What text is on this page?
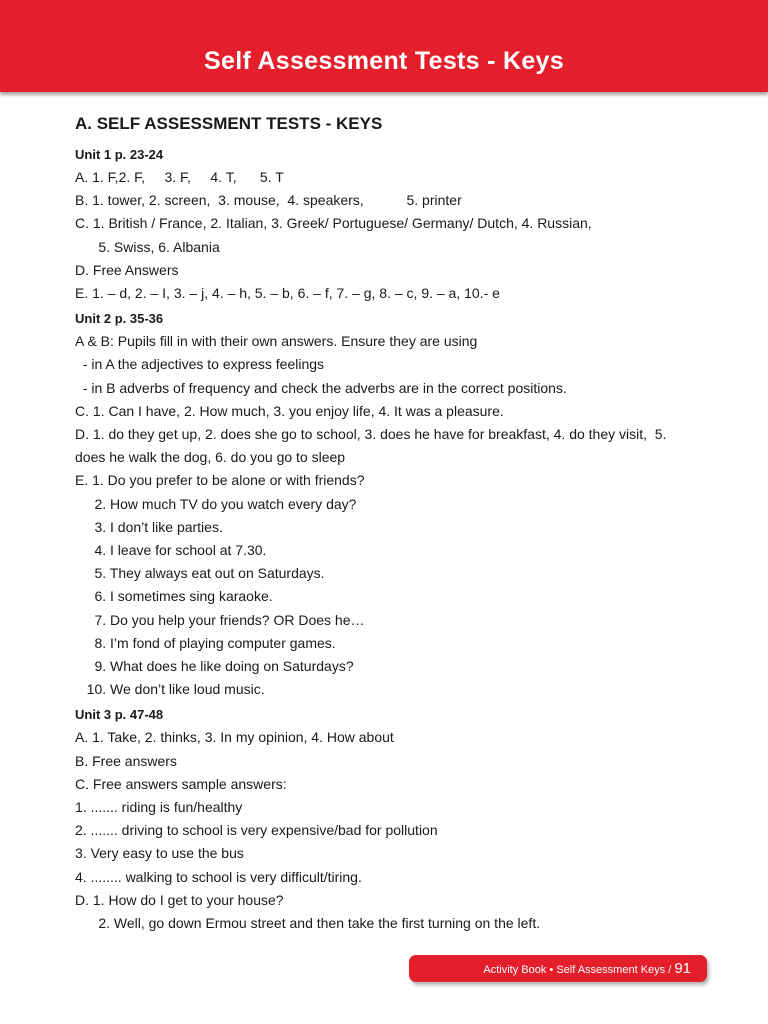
Self Assessment Tests - Keys
A. SELF ASSESSMENT TESTS - KEYS
Unit 1 p. 23-24
A. 1. F,2. F,     3. F,     4. T,      5. T
B. 1. tower, 2. screen,  3. mouse,  4. speakers,           5. printer
C. 1. British / France, 2. Italian, 3. Greek/ Portuguese/ Germany/ Dutch, 4. Russian,
5. Swiss, 6. Albania
D. Free Answers
E. 1. – d, 2. – I, 3. – j, 4. – h, 5. – b, 6. – f, 7. – g, 8. – c, 9. – a, 10.- e
Unit 2 p. 35-36
A & B: Pupils fill in with their own answers. Ensure they are using
- in A the adjectives to express feelings
- in B adverbs of frequency and check the adverbs are in the correct positions.
C. 1. Can I have, 2. How much, 3. you enjoy life, 4. It was a pleasure.
D. 1. do they get up, 2. does she go to school, 3. does he have for breakfast, 4. do they visit,  5.
does he walk the dog, 6. do you go to sleep
E. 1. Do you prefer to be alone or with friends?
2. How much TV do you watch every day?
3. I don’t like parties.
4. I leave for school at 7.30.
5. They always eat out on Saturdays.
6. I sometimes sing karaoke.
7. Do you help your friends? OR Does he…
8. I’m fond of playing computer games.
9. What does he like doing on Saturdays?
10. We don’t like loud music.
Unit 3 p. 47-48
A. 1. Take, 2. thinks, 3. In my opinion, 4. How about
B. Free answers
C. Free answers sample answers:
1. ....... riding is fun/healthy
2. ....... driving to school is very expensive/bad for pollution
3. Very easy to use the bus
4. ........ walking to school is very difficult/tiring.
D. 1. How do I get to your house?
2. Well, go down Ermou street and then take the first turning on the left.
Activity Book • Self Assessment Keys / 91
